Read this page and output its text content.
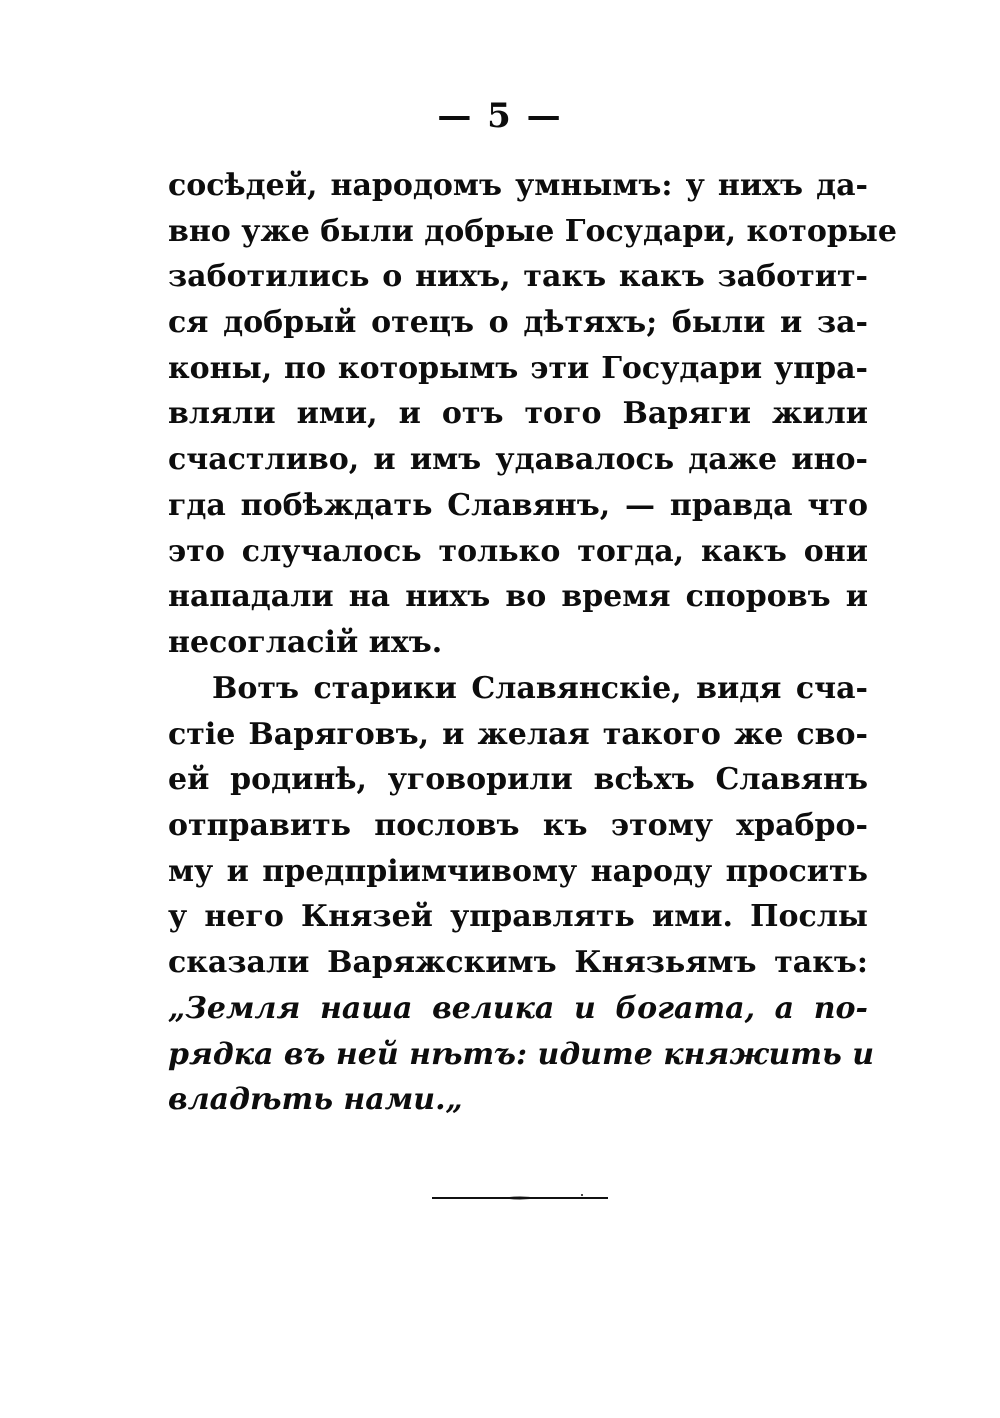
— 5 —
сосѣдей, народомъ умнымъ: у нихъ да-
вно уже были добрые Государи, которые
заботились о нихъ, такъ какъ заботит-
ся добрый отецъ о дѣтяхъ; были и за-
коны, по которымъ эти Государи упра-
вляли ими, и отъ того Варяги жили
счастливо, и имъ удавалось даже ино-
гда побѣждать Славянъ, — правда что
это случалось только тогда, какъ они
нападали на нихъ во время споровъ и
несогласій ихъ.
Вотъ старики Славянскіе, видя сча-
стіе Варяговъ, и желая такого же сво-
ей родинѣ, уговорили всѣхъ Славянъ
отправить пословъ къ этому храбро-
му и предпріимчивому народу просить
у него Князей управлять ими. Послы
сказали Варяжскимъ Князьямъ такъ:
„Земля наша велика и богата, а по-
рядка въ ней нѣтъ: идите княжить и
владѣть нами.„
